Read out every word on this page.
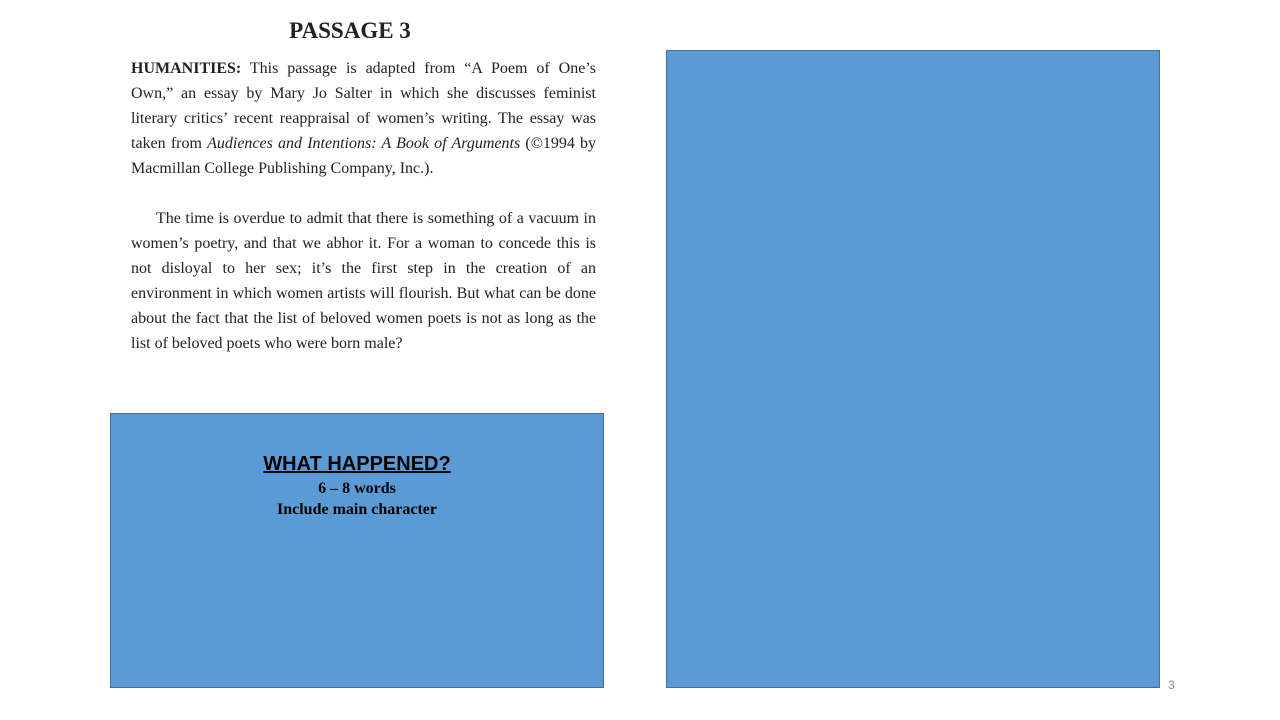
PASSAGE 3

HUMANITIES: This passage is adapted from “A Poem of One’s Own,” an essay by Mary Jo Salter in which she discusses feminist literary critics’ recent reappraisal of women’s writing. The essay was taken from Audiences and Intentions: A Book of Arguments (©1994 by Macmillan College Publishing Company, Inc.).

The time is overdue to admit that there is something of a vacuum in women’s poetry, and that we abhor it. For a woman to concede this is not disloyal to her sex; it’s the first step in the creation of an environment in which women artists will flourish. But what can be done about the fact that the list of beloved women poets is not as long as the list of beloved poets who were born male?

WHAT HAPPENED?
6 – 8 words
Include main character
3
